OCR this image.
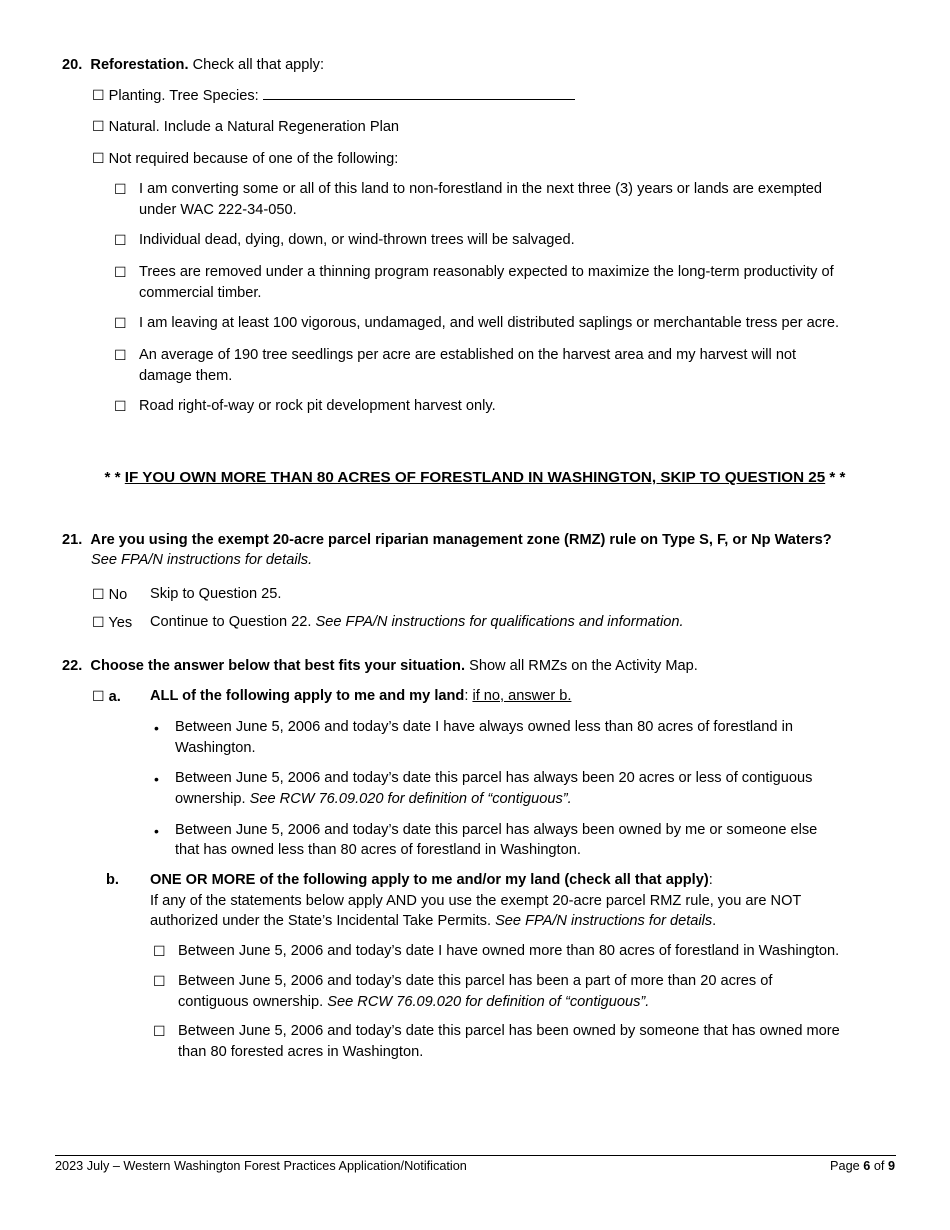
20. Reforestation. Check all that apply:
☐ Planting. Tree Species:
☐ Natural. Include a Natural Regeneration Plan
☐ Not required because of one of the following:
☐ I am converting some or all of this land to non-forestland in the next three (3) years or lands are exempted
under WAC 222-34-050.
☐ Individual dead, dying, down, or wind-thrown trees will be salvaged.
☐ Trees are removed under a thinning program reasonably expected to maximize the long-term productivity of
commercial timber.
☐ I am leaving at least 100 vigorous, undamaged, and well distributed saplings or merchantable tress per acre.
☐ An average of 190 tree seedlings per acre are established on the harvest area and my harvest will not
damage them.
☐ Road right-of-way or rock pit development harvest only.
* * IF YOU OWN MORE THAN 80 ACRES OF FORESTLAND IN WASHINGTON, SKIP TO QUESTION 25 * *
21. Are you using the exempt 20-acre parcel riparian management zone (RMZ) rule on Type S, F, or Np Waters?
See FPA/N instructions for details.
☐ No Skip to Question 25.
☐ Yes Continue to Question 22. See FPA/N instructions for qualifications and information.
22. Choose the answer below that best fits your situation. Show all RMZs on the Activity Map.
☐ a. ALL of the following apply to me and my land: if no, answer b.
• Between June 5, 2006 and today’s date I have always owned less than 80 acres of forestland in
Washington.
• Between June 5, 2006 and today’s date this parcel has always been 20 acres or less of contiguous
ownership. See RCW 76.09.020 for definition of “contiguous”.
• Between June 5, 2006 and today’s date this parcel has always been owned by me or someone else
that has owned less than 80 acres of forestland in Washington.
b. ONE OR MORE of the following apply to me and/or my land (check all that apply):
If any of the statements below apply AND you use the exempt 20-acre parcel RMZ rule, you are NOT
authorized under the State’s Incidental Take Permits. See FPA/N instructions for details.
☐ Between June 5, 2006 and today’s date I have owned more than 80 acres of forestland in Washington.
☐ Between June 5, 2006 and today’s date this parcel has been a part of more than 20 acres of
contiguous ownership. See RCW 76.09.020 for definition of “contiguous”.
☐ Between June 5, 2006 and today’s date this parcel has been owned by someone that has owned more
than 80 forested acres in Washington.
2023 July – Western Washington Forest Practices Application/Notification	Page 6 of 9
